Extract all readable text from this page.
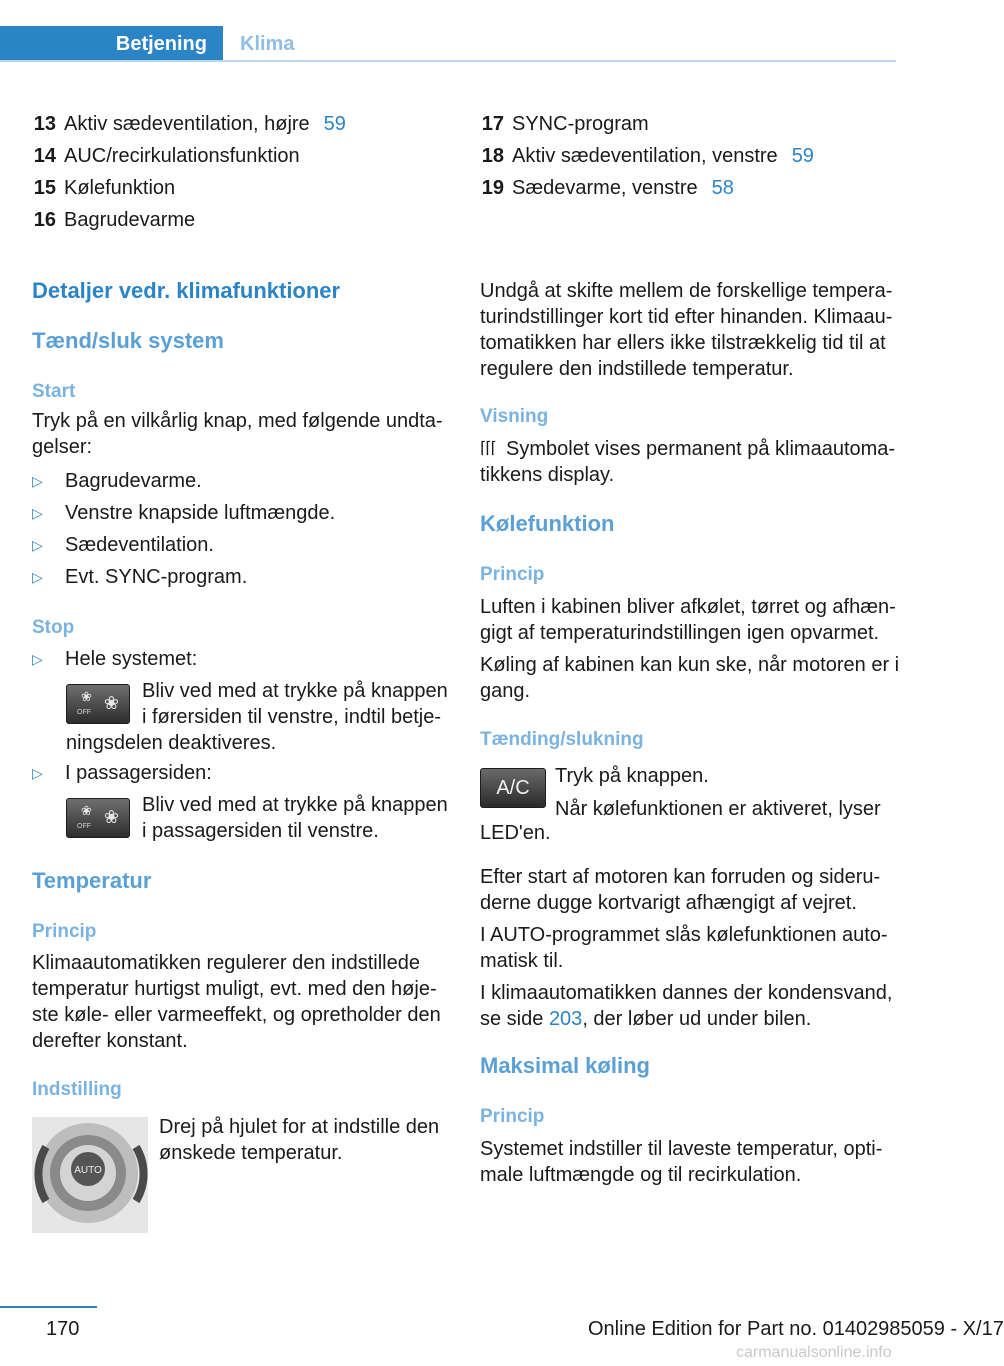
Betjening Klima
13 Aktiv sædeventilation, højre 59
14 AUC/recirkulationsfunktion
15 Kølefunktion
16 Bagrudevarme
17 SYNC-program
18 Aktiv sædeventilation, venstre 59
19 Sædevarme, venstre 58
Detaljer vedr. klimafunktioner
Tænd/sluk system
Start
Tryk på en vilkårlig knap, med følgende undta-gelser:
▷	Bagrudevarme.
▷	Venstre knapside luftmængde.
▷	Sædeventilation.
▷	Evt. SYNC-program.
Stop
▷	Hele systemet:
❀
OFF ❀
Bliv ved med at trykke på knappen i førersiden til venstre, indtil betje-
ningsdelen deaktiveres.
▷	I passagersiden:
❀
OFF ❀
Bliv ved med at trykke på knappen i passagersiden til venstre.
Temperatur
Princip
Klimaautomatikken regulerer den indstillede temperatur hurtigst muligt, evt. med den høje-ste køle- eller varmeeffekt, og opretholder den derefter konstant.
Indstilling
AUTO
Drej på hjulet for at indstille den ønskede temperatur.
Undgå at skifte mellem de forskellige tempera-turindstillinger kort tid efter hinanden. Klimaau-tomatikken har ellers ikke tilstrækkelig tid til at regulere den indstillede temperatur.
Visning
⌈⌈⌈ Symbolet vises permanent på klimaautoma-tikkens display.
Kølefunktion
Princip
Luften i kabinen bliver afkølet, tørret og afhæn-gigt af temperaturindstillingen igen opvarmet.
Køling af kabinen kan kun ske, når motoren er i gang.
Tænding/slukning
A/C
Tryk på knappen.
Når kølefunktionen er aktiveret, lyser
LED'en.
Efter start af motoren kan forruden og sideru-derne dugge kortvarigt afhængigt af vejret.
I AUTO-programmet slås kølefunktionen auto-matisk til.
I klimaautomatikken dannes der kondensvand, se side 203, der løber ud under bilen.
Maksimal køling
Princip
Systemet indstiller til laveste temperatur, opti-male luftmængde og til recirkulation.
170	Online Edition for Part no. 01402985059 - X/17
carmanualsonline.info
